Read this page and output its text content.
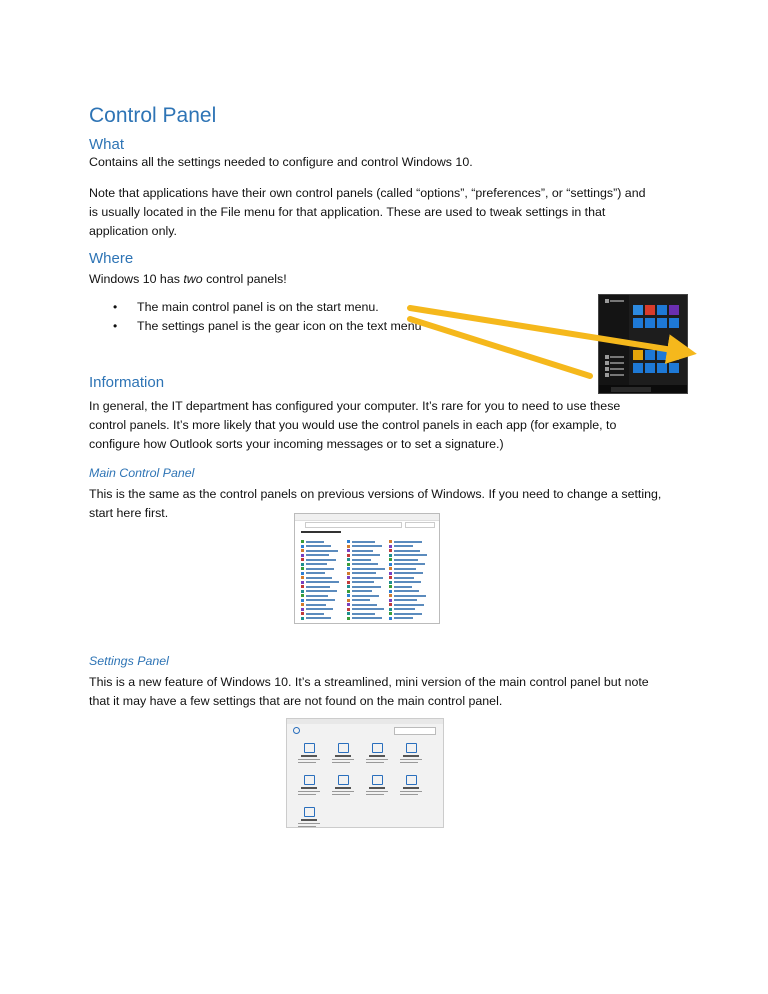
Control Panel
What

Contains all the settings needed to configure and control Windows 10.

Note that applications have their own control panels (called “options”, “preferences”, or “settings”) and

is usually located in the File menu for that application. These are used to tweak settings in that

application only.

Where

Windows 10 has two control panels!

• The main control panel is on the start menu.
• The settings panel is the gear icon on the text menu
Information

In general, the IT department has configured your computer. It’s rare for you to need to use these

control panels. It’s more likely that you would use the control panels in each app (for example, to

configure how Outlook sorts your incoming messages or to set a signature.)

Main Control Panel

This is the same as the control panels on previous versions of Windows. If you need to change a setting,

start here first.

Settings Panel

This is a new feature of Windows 10. It’s a streamlined, mini version of the main control panel but note

that it may have a few settings that are not found on the main control panel.
